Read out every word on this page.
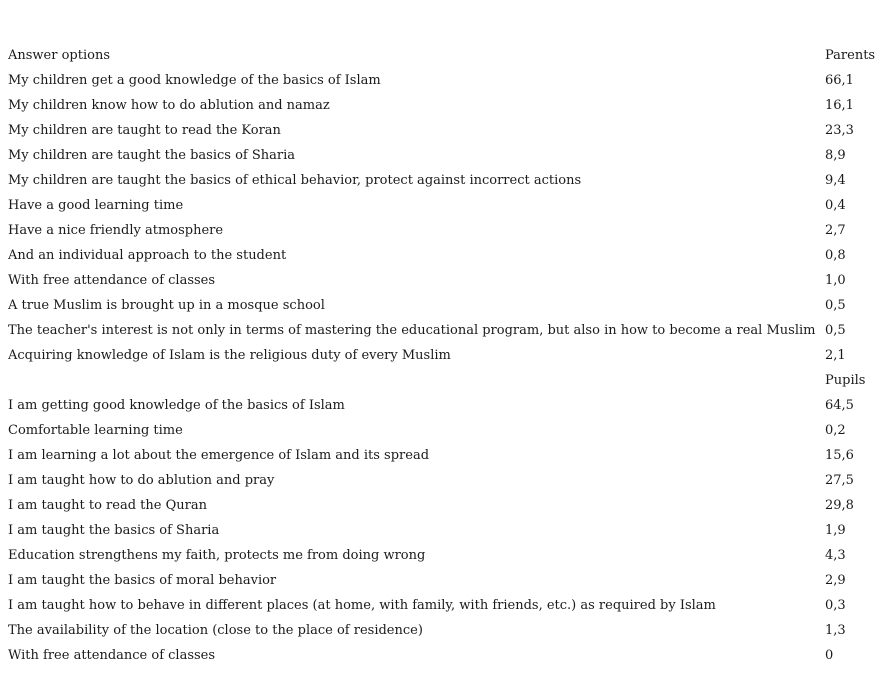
Answer options	Parents
My children get a good knowledge of the basics of Islam	66,1
My children know how to do ablution and namaz	16,1
My children are taught to read the Koran	23,3
My children are taught the basics of Sharia	8,9
My children are taught the basics of ethical behavior, protect against incorrect actions	9,4
Have a good learning time	0,4
Have a nice friendly atmosphere	2,7
And an individual approach to the student	0,8
With free attendance of classes	1,0
A true Muslim is brought up in a mosque school	0,5
The teacher's interest is not only in terms of mastering the educational program, but also in how to become a real Muslim	0,5
Acquiring knowledge of Islam is the religious duty of every Muslim	2,1
	Pupils
I am getting good knowledge of the basics of Islam	64,5
Comfortable learning time	0,2
I am learning a lot about the emergence of Islam and its spread	15,6
I am taught how to do ablution and pray	27,5
I am taught to read the Quran	29,8
I am taught the basics of Sharia	1,9
Education strengthens my faith, protects me from doing wrong	4,3
I am taught the basics of moral behavior	2,9
I am taught how to behave in different places (at home, with family, with friends, etc.) as required by Islam	0,3
The availability of the location (close to the place of residence)	1,3
With free attendance of classes	0
